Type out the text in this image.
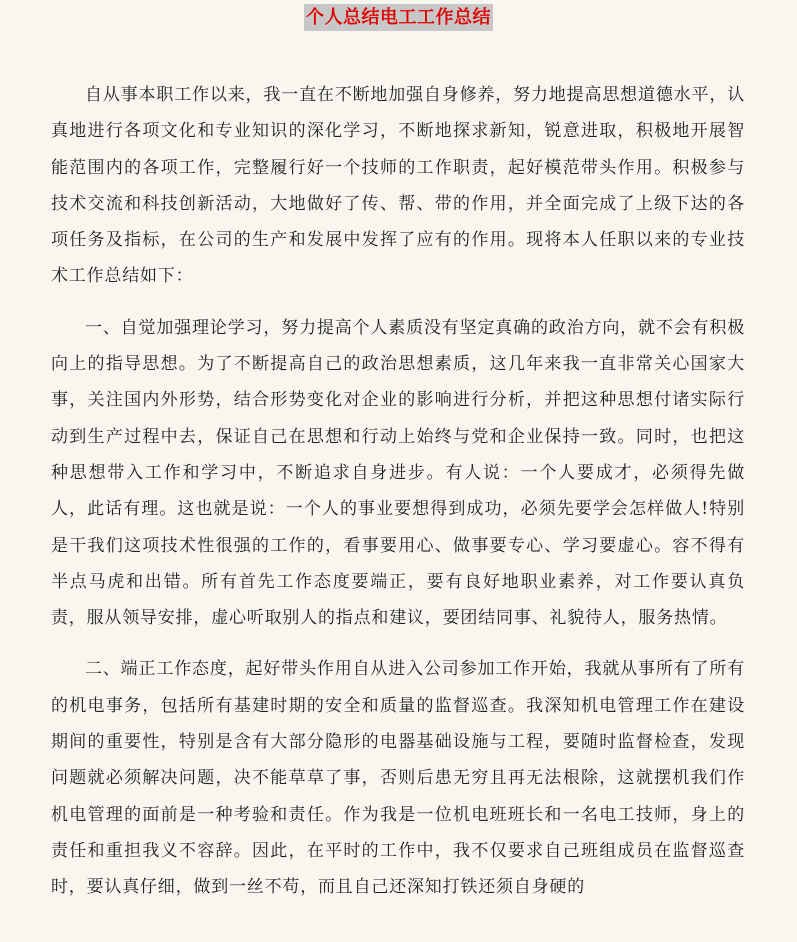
个人总结电工工作总结

自从事本职工作以来，我一直在不断地加强自身修养，努力地提高思想道德水平，认真地进行各项文化和专业知识的深化学习，不断地探求新知，锐意进取，积极地开展智能范围内的各项工作，完整履行好一个技师的工作职责，起好模范带头作用。积极参与技术交流和科技创新活动，大地做好了传、帮、带的作用，并全面完成了上级下达的各项任务及指标，在公司的生产和发展中发挥了应有的作用。现将本人任职以来的专业技术工作总结如下：

一、自觉加强理论学习，努力提高个人素质没有坚定真确的政治方向，就不会有积极向上的指导思想。为了不断提高自己的政治思想素质，这几年来我一直非常关心国家大事，关注国内外形势，结合形势变化对企业的影响进行分析，并把这种思想付诸实际行动到生产过程中去，保证自己在思想和行动上始终与党和企业保持一致。同时，也把这种思想带入工作和学习中，不断追求自身进步。有人说：一个人要成才，必须得先做人，此话有理。这也就是说：一个人的事业要想得到成功，必须先要学会怎样做人!特别是干我们这项技术性很强的工作的，看事要用心、做事要专心、学习要虚心。容不得有半点马虎和出错。所有首先工作态度要端正，要有良好地职业素养，对工作要认真负责，服从领导安排，虚心听取别人的指点和建议，要团结同事、礼貌待人，服务热情。

二、端正工作态度，起好带头作用自从进入公司参加工作开始，我就从事所有了所有的机电事务，包括所有基建时期的安全和质量的监督巡查。我深知机电管理工作在建设期间的重要性，特别是含有大部分隐形的电器基础设施与工程，要随时监督检查，发现问题就必须解决问题，决不能草草了事，否则后患无穷且再无法根除，这就摆机我们作机电管理的面前是一种考验和责任。作为我是一位机电班班长和一名电工技师，身上的责任和重担我义不容辞。因此，在平时的工作中，我不仅要求自己班组成员在监督巡查时，要认真仔细，做到一丝不苟，而且自己还深知打铁还须自身硬的
